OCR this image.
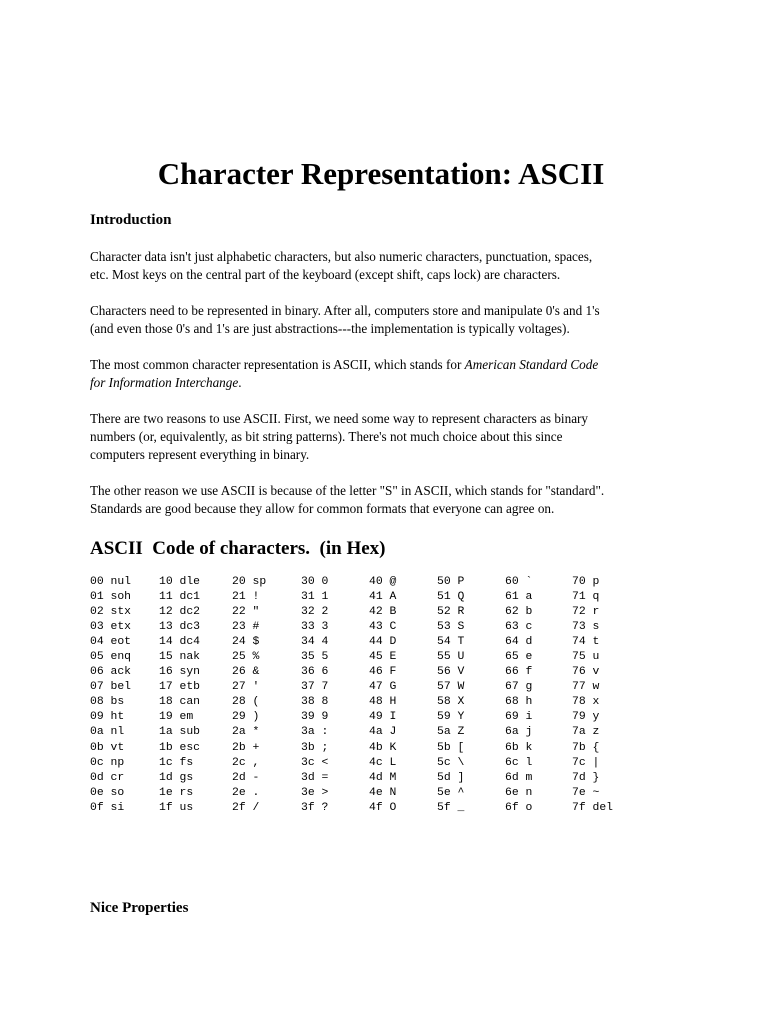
Character Representation: ASCII
Introduction

Character data isn't just alphabetic characters, but also numeric characters, punctuation, spaces,
etc. Most keys on the central part of the keyboard (except shift, caps lock) are characters.

Characters need to be represented in binary. After all, computers store and manipulate 0's and 1's
(and even those 0's and 1's are just abstractions---the implementation is typically voltages).

The most common character representation is ASCII, which stands for American Standard Code
for Information Interchange.

There are two reasons to use ASCII. First, we need some way to represent characters as binary
numbers (or, equivalently, as bit string patterns). There's not much choice about this since
computers represent everything in binary.

The other reason we use ASCII is because of the letter "S" in ASCII, which stands for "standard".
Standards are good because they allow for common formats that everyone can agree on.

ASCII  Code of characters.  (in Hex)
00 nul 10 dle	20 sp	30 0	40 @	50 P	60 `	70 p
01 soh 11 dc1	21 !	31 1	41 A	51 Q	61 a	71 q
02 stx 12 dc2	22 "	32 2	42 B	52 R	62 b	72 r
03 etx 13 dc3	23 #	33 3	43 C	53 S	63 c	73 s
04 eot 14 dc4	24 $	34 4	44 D	54 T	64 d	74 t
05 enq 15 nak	25 %	35 5	45 E	55 U	65 e	75 u
06 ack 16 syn	26 &	36 6	46 F	56 V	66 f	76 v
07 bel 17 etb	27 '	37 7	47 G	57 W	67 g	77 w
08 bs	18 can	28 (	38 8	48 H	58 X	68 h	78 x
09 ht	19 em	29 )	39 9	49 I	59 Y	69 i	79 y
0a nl	1a sub	2a *	3a :	4a J	5a Z	6a j	7a z
0b vt	1b esc	2b +	3b ;	4b K	5b [	6b k	7b {
0c np	1c fs	2c ,	3c <	4c L	5c \	6c l	7c |
0d cr	1d gs	2d -	3d =	4d M	5d ]	6d m	7d }
0e so	1e rs	2e .	3e >	4e N	5e ^	6e n	7e ~
0f si	1f us	2f /	3f ?	4f O	5f _	6f o	7f del
Nice Properties
